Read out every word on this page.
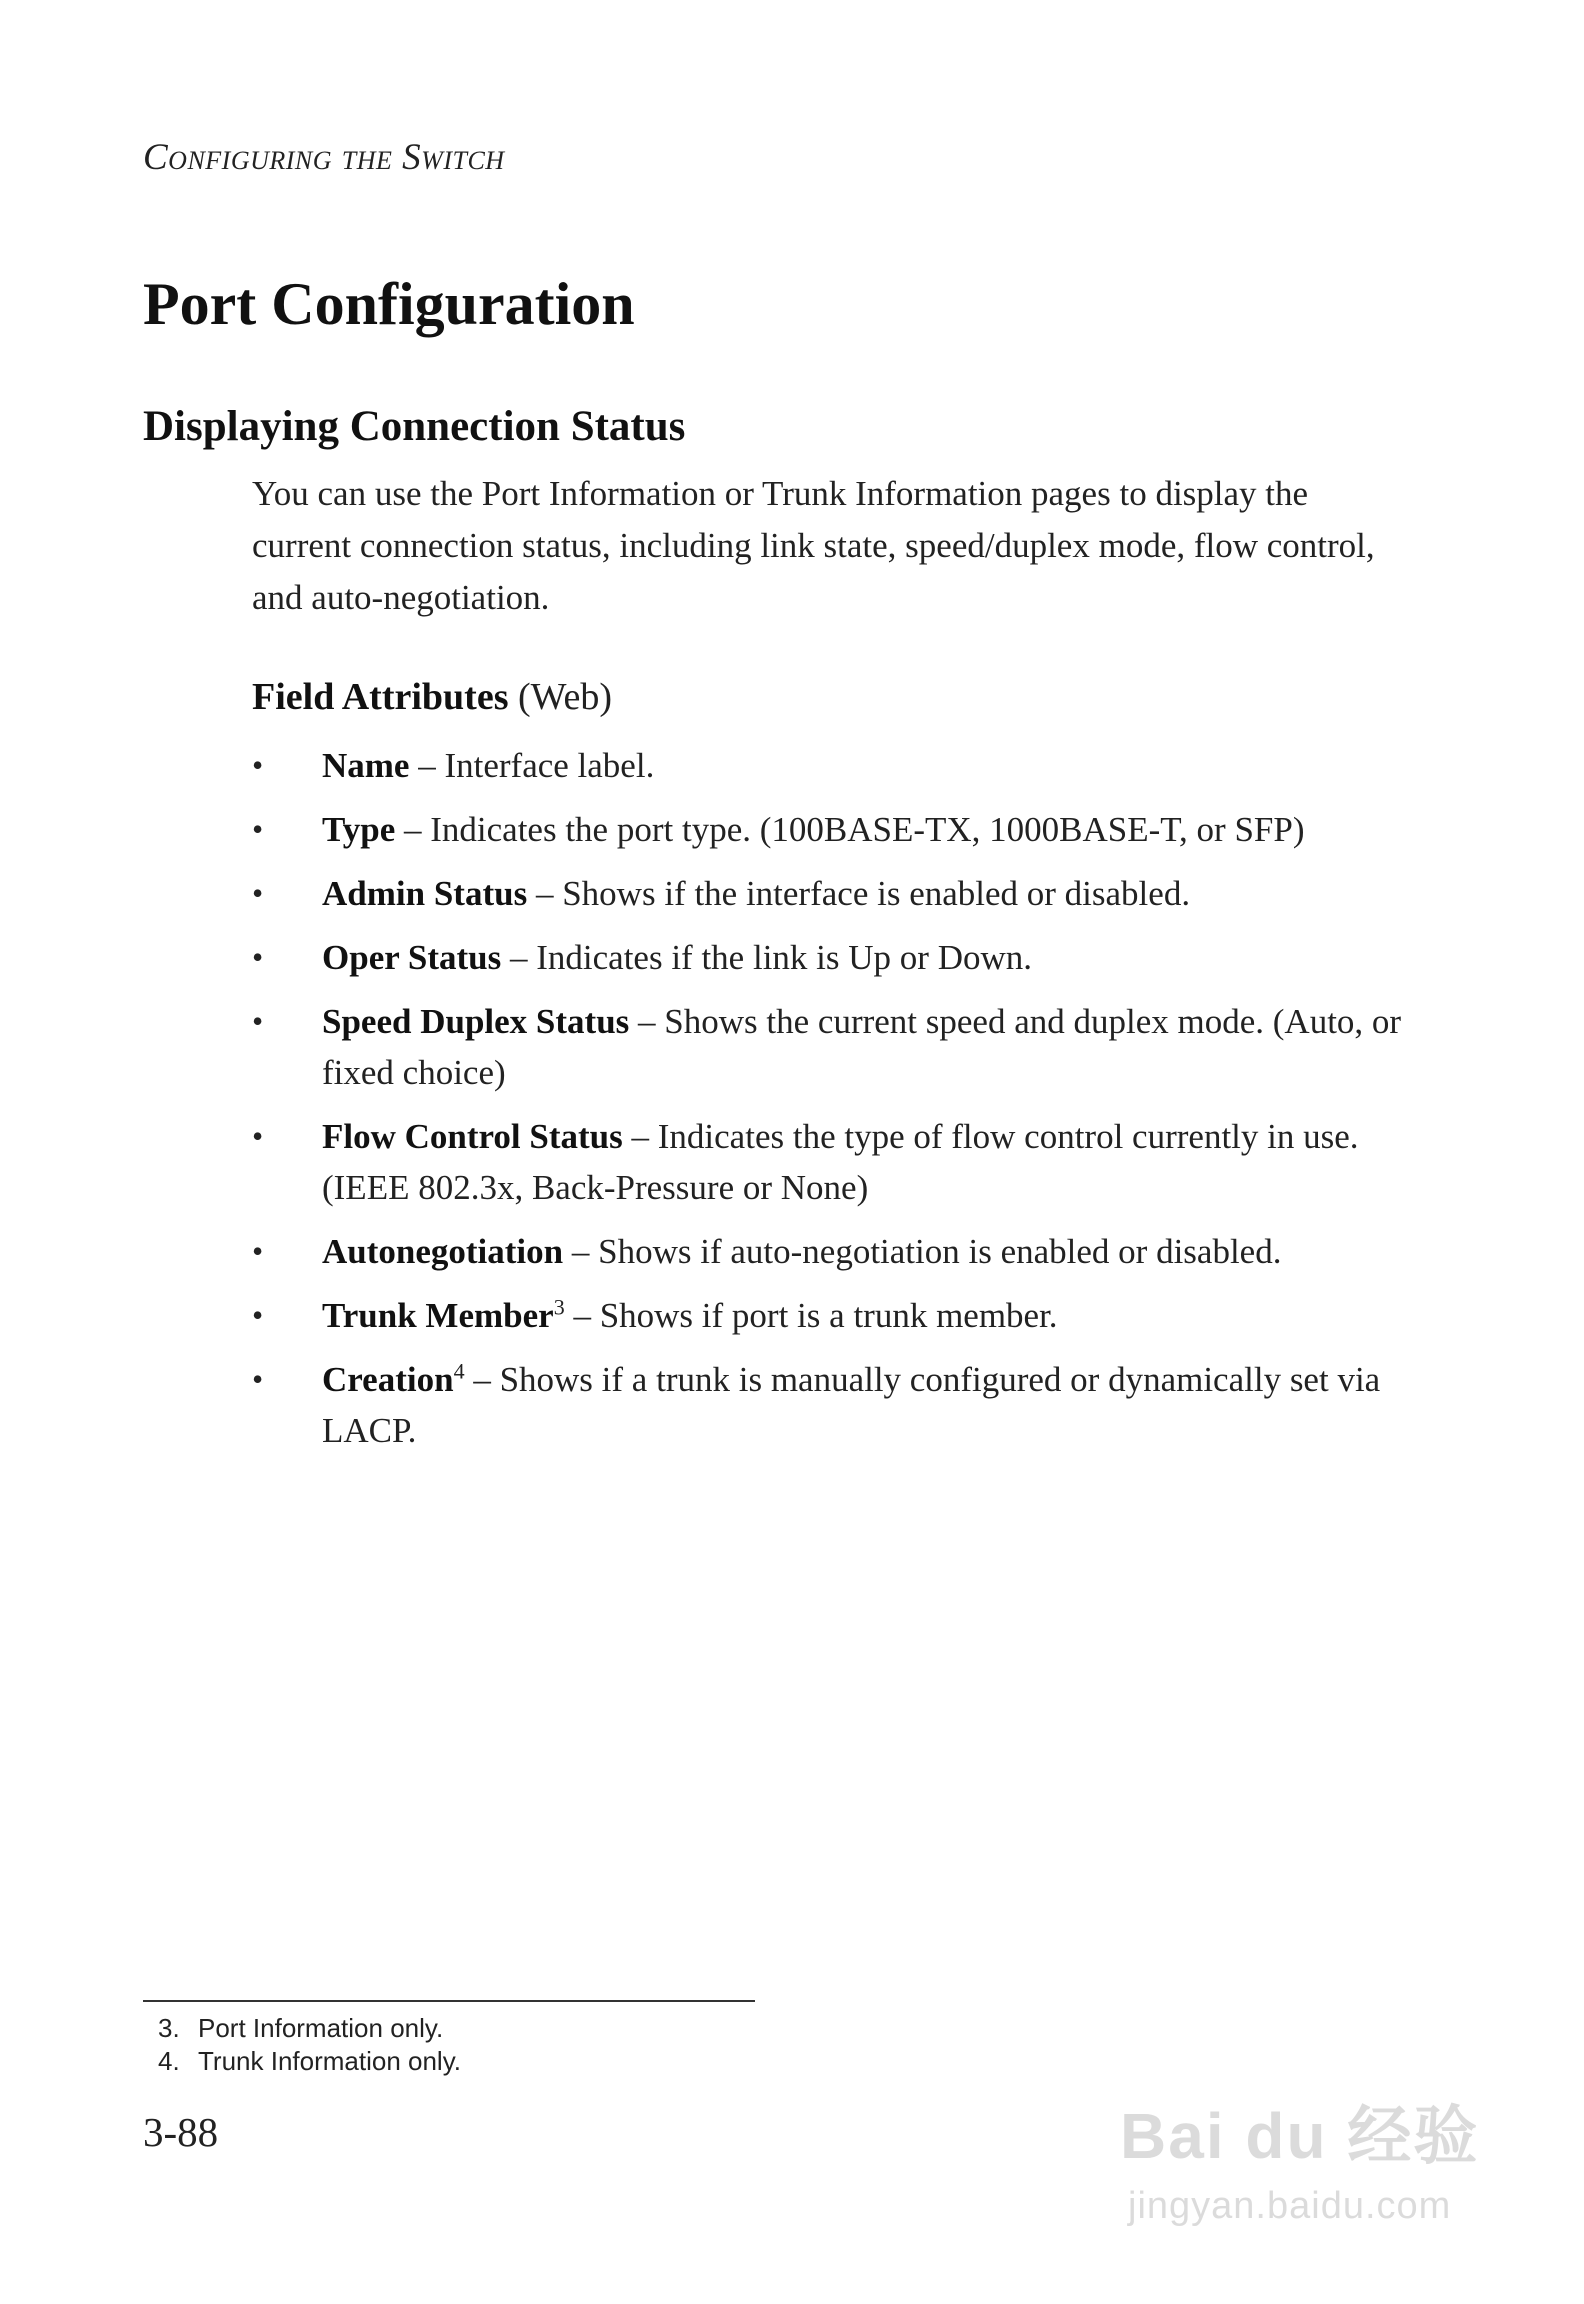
Configuring the Switch

Port Configuration
Displaying Connection Status

You can use the Port Information or Trunk Information pages to display the current connection status, including link state, speed/duplex mode, flow control, and auto-negotiation.

Field Attributes (Web)
• Name – Interface label.
• Type – Indicates the port type. (100BASE-TX, 1000BASE-T, or SFP)
• Admin Status – Shows if the interface is enabled or disabled.
• Oper Status – Indicates if the link is Up or Down.
• Speed Duplex Status – Shows the current speed and duplex mode. (Auto, or fixed choice)
• Flow Control Status – Indicates the type of flow control currently in use. (IEEE 802.3x, Back-Pressure or None)
• Autonegotiation – Shows if auto-negotiation is enabled or disabled.
• Trunk Member$^3$ – Shows if port is a trunk member.
• Creation$^4$ – Shows if a trunk is manually configured or dynamically set via LACP.
3. Port Information only.
4. Trunk Information only.

3-88	Bai du 经验
jingyan.baidu.com
